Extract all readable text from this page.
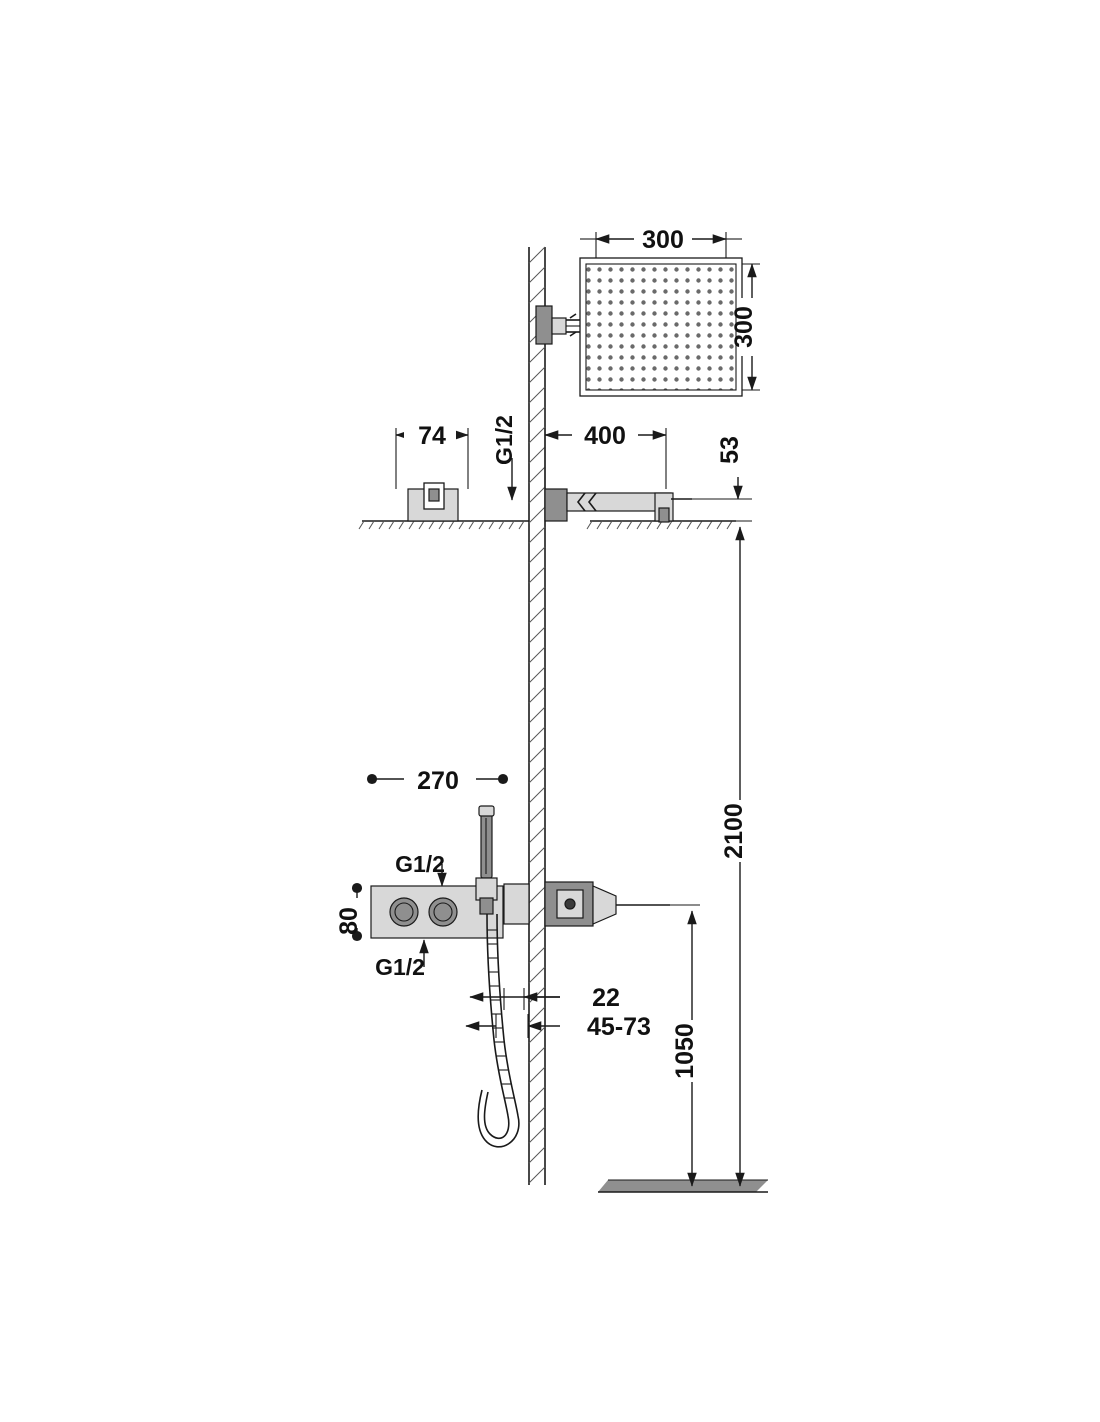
300
300
74 G1/2	400	53
270
80
G1/2
G1/2
22
45-73
2100
1050
